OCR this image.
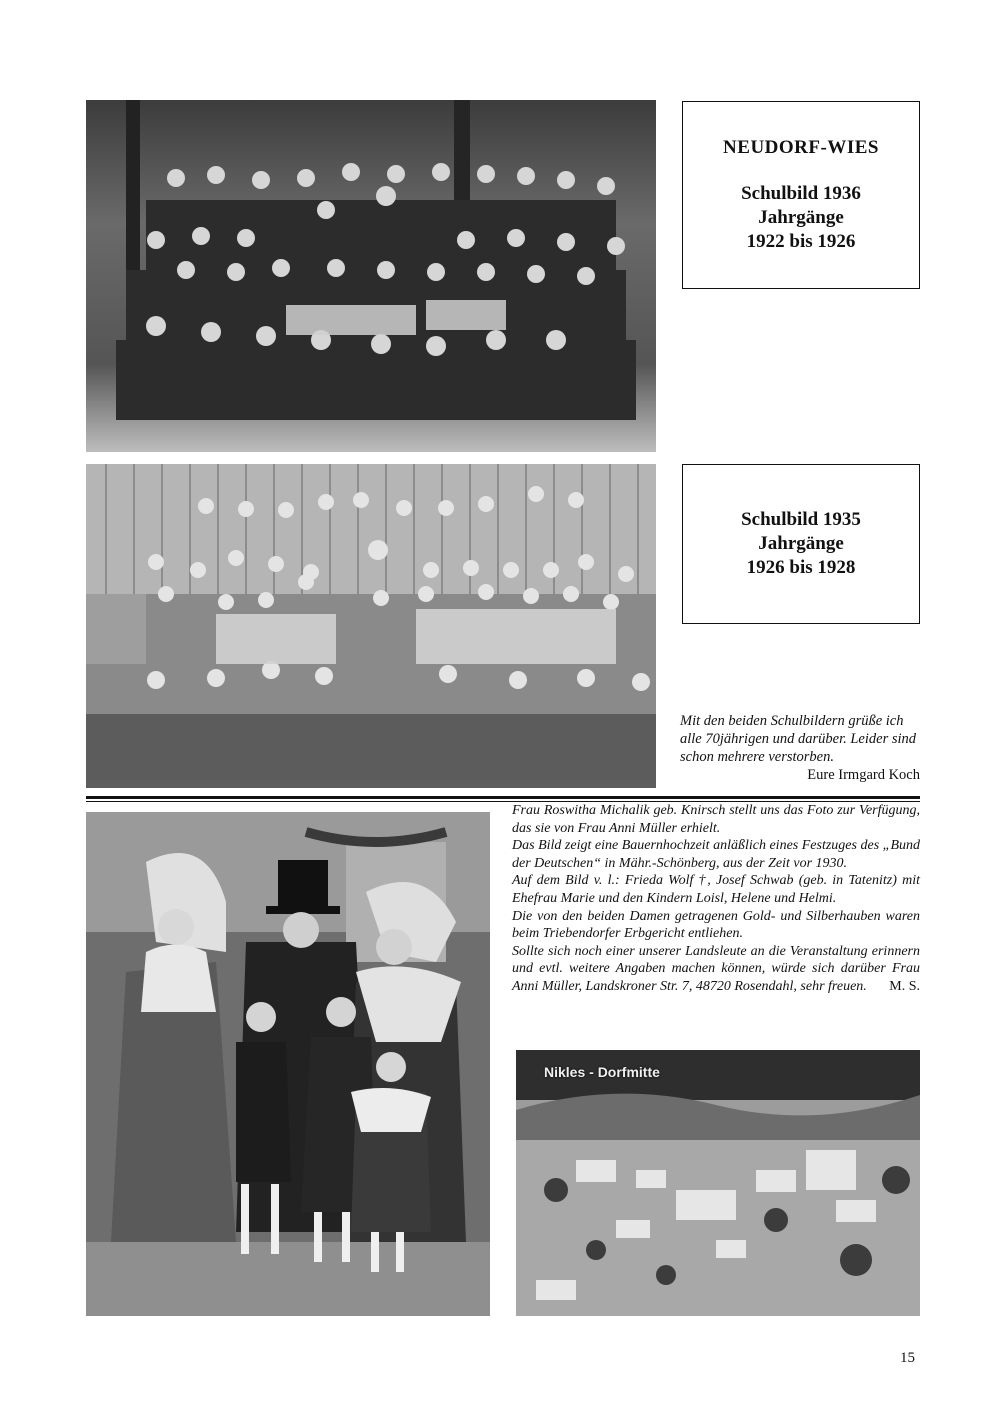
NEUDORF-WIES
Schulbild 1936
Jahrgänge
1922 bis 1926
Schulbild 1935
Jahrgänge
1926 bis 1928
Mit den beiden Schulbildern grüße ich alle 70jährigen und darüber. Leider sind schon mehrere verstorben.
Eure Irmgard Koch

Frau Roswitha Michalik geb. Knirsch stellt uns das Foto zur Verfügung, das sie von Frau Anni Müller erhielt.

Das Bild zeigt eine Bauernhochzeit anläßlich eines Festzuges des „Bund der Deutschen“ in Mähr.-Schönberg, aus der Zeit vor 1930.

Auf dem Bild v. l.: Frieda Wolf †, Josef Schwab (geb. in Tatenitz) mit Ehefrau Marie und den Kindern Loisl, Helene und Helmi.

Die von den beiden Damen getragenen Gold- und Silberhauben waren beim Triebendorfer Erbgericht entliehen.

Sollte sich noch einer unserer Landsleute an die Veranstaltung erinnern und evtl. weitere Angaben machen können, würde sich darüber Frau Anni Müller, Landskroner Str. 7, 48720 Rosendahl, sehr freuen. M. S.

Nikles - Dorfmitte
15
